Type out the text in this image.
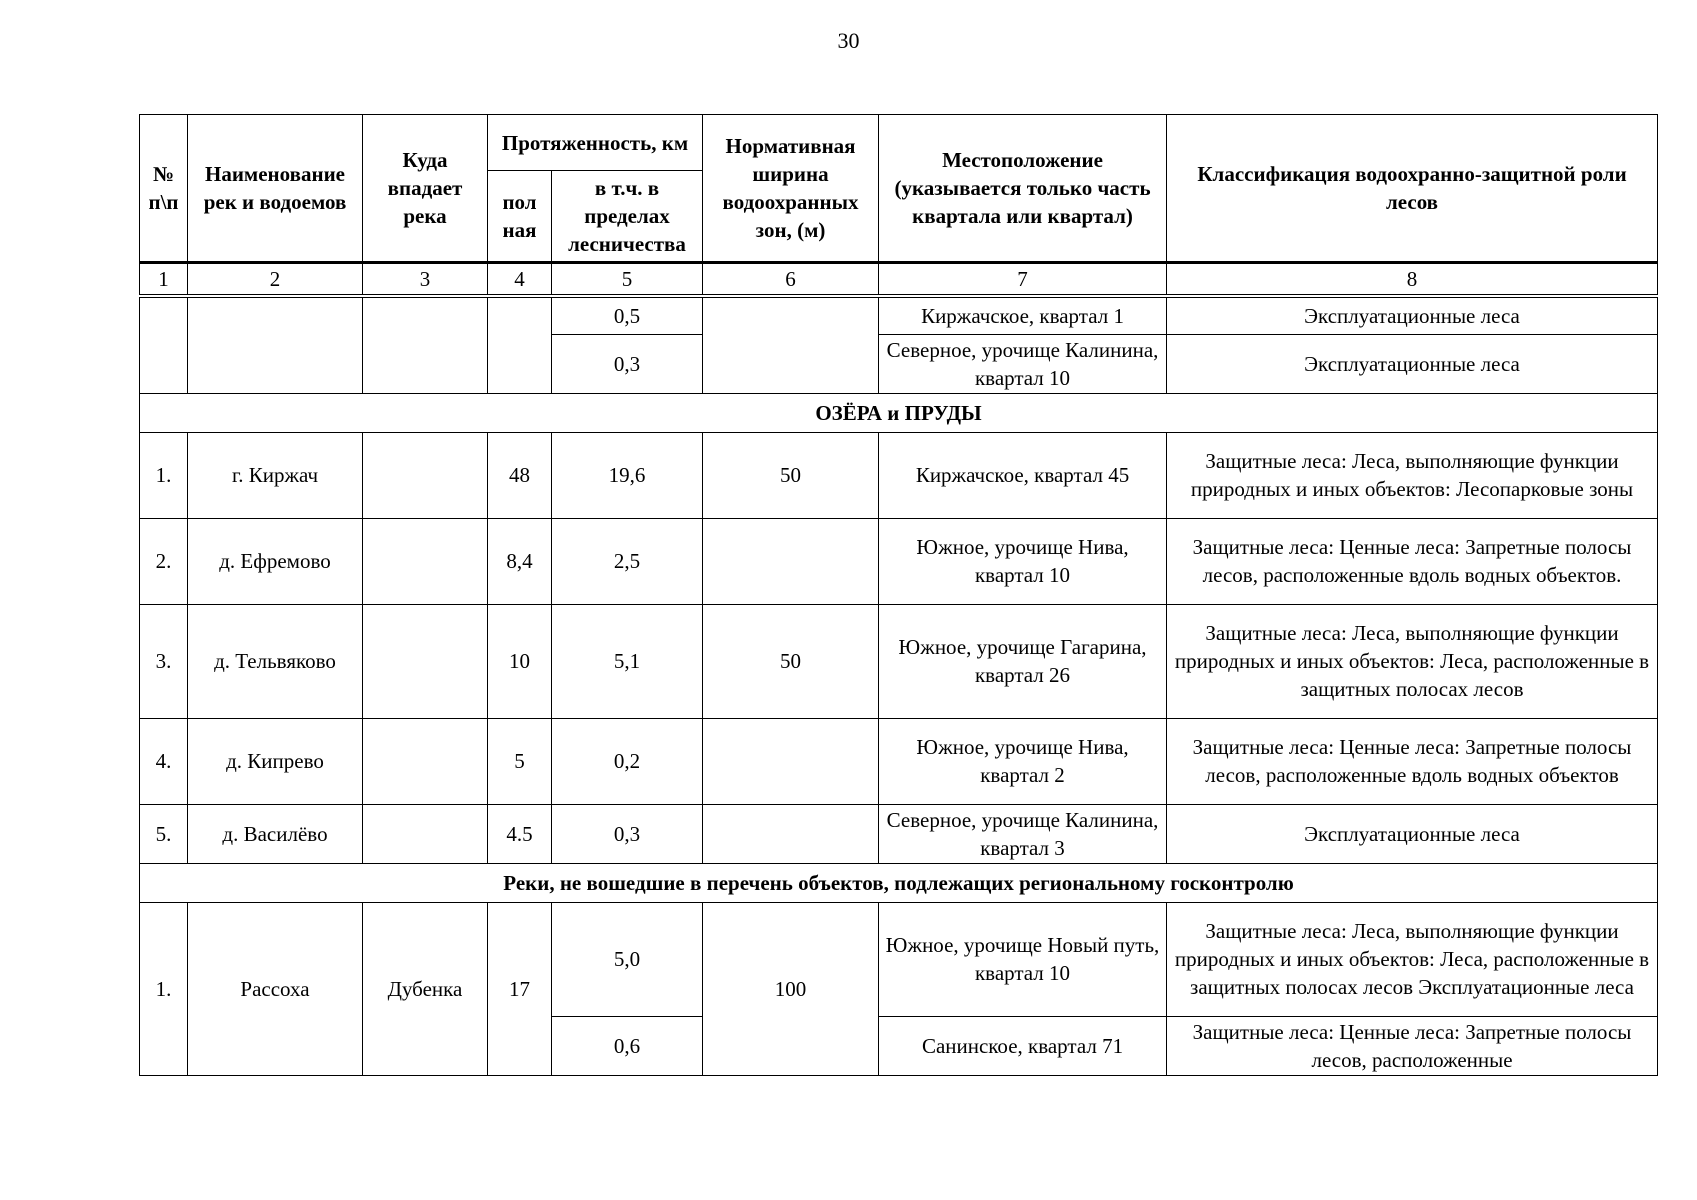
30
№ п\п	Наименование рек и водоемов	Куда впадает река	Протяженность, км		Нормативная ширина водоохранных зон, (м)	Местоположение (указывается только часть квартала или квартал)	Классификация водоохранно-защитной роли лесов
			пол ная	в т.ч. в пределах лесничества			
1	2	3	4	5	6	7	8
				0,5		Киржачское, квартал 1	Эксплуатационные леса
				0,3		Северное, урочище Калинина, квартал 10	Эксплуатационные леса
ОЗЁРА и ПРУДЫ							
1.	г. Киржач		48	19,6	50	Киржачское, квартал 45	Защитные леса: Леса, выполняющие функции природных и иных объектов: Лесопарковые зоны
2.	д. Ефремово		8,4	2,5		Южное, урочище Нива, квартал 10	Защитные леса: Ценные леса: Запретные полосы лесов, расположенные вдоль водных объектов.
3.	д. Тельвяково		10	5,1	50	Южное, урочище Гагарина, квартал 26	Защитные леса: Леса, выполняющие функции природных и иных объектов: Леса, расположенные в защитных полосах лесов
4.	д. Кипрево		5	0,2		Южное, урочище Нива, квартал 2	Защитные леса: Ценные леса: Запретные полосы лесов, расположенные вдоль водных объектов
5.	д. Василёво		4.5	0,3		Северное, урочище Калинина, квартал 3	Эксплуатационные леса
Реки, не вошедшие в перечень объектов, подлежащих региональному госконтролю							
1.	Рассоха	Дубенка	17	5,0	100	Южное, урочище Новый путь, квартал 10	Защитные леса: Леса, выполняющие функции природных и иных объектов: Леса, расположенные в защитных полосах лесов Эксплуатационные леса
				0,6		Санинское, квартал 71	Защитные леса: Ценные леса: Запретные полосы лесов, расположенные
